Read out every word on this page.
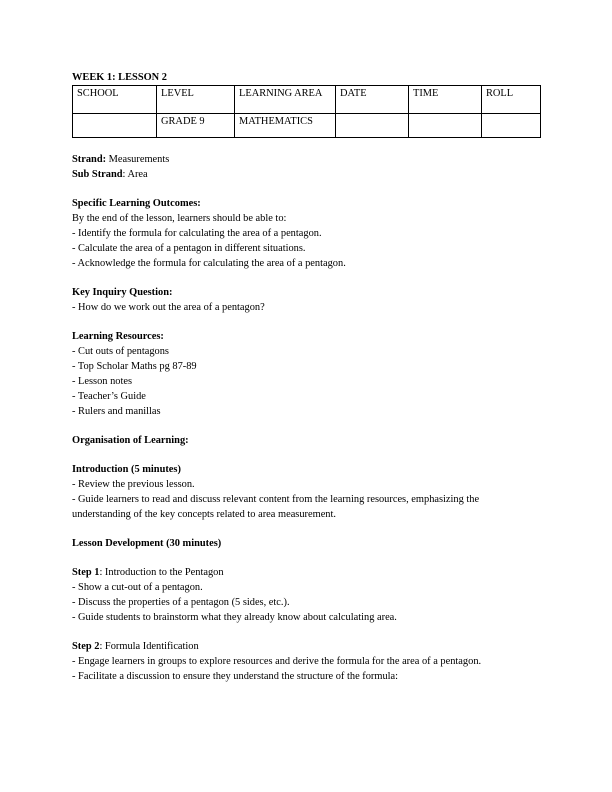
WEEK 1: LESSON 2
SCHOOL	LEVEL	LEARNING AREA	DATE	TIME	ROLL
	GRADE 9	MATHEMATICS			
Strand: Measurements
Sub Strand: Area
Specific Learning Outcomes:
By the end of the lesson, learners should be able to:
- Identify the formula for calculating the area of a pentagon.
- Calculate the area of a pentagon in different situations.
- Acknowledge the formula for calculating the area of a pentagon.
Key Inquiry Question:
- How do we work out the area of a pentagon?
Learning Resources:
- Cut outs of pentagons
- Top Scholar Maths pg 87-89
- Lesson notes
- Teacher’s Guide
- Rulers and manillas
Organisation of Learning:
Introduction (5 minutes)
- Review the previous lesson.
- Guide learners to read and discuss relevant content from the learning resources, emphasizing the understanding of the key concepts related to area measurement.
Lesson Development (30 minutes)
Step 1: Introduction to the Pentagon
- Show a cut-out of a pentagon.
- Discuss the properties of a pentagon (5 sides, etc.).
- Guide students to brainstorm what they already know about calculating area.
Step 2: Formula Identification
- Engage learners in groups to explore resources and derive the formula for the area of a pentagon.
- Facilitate a discussion to ensure they understand the structure of the formula:
